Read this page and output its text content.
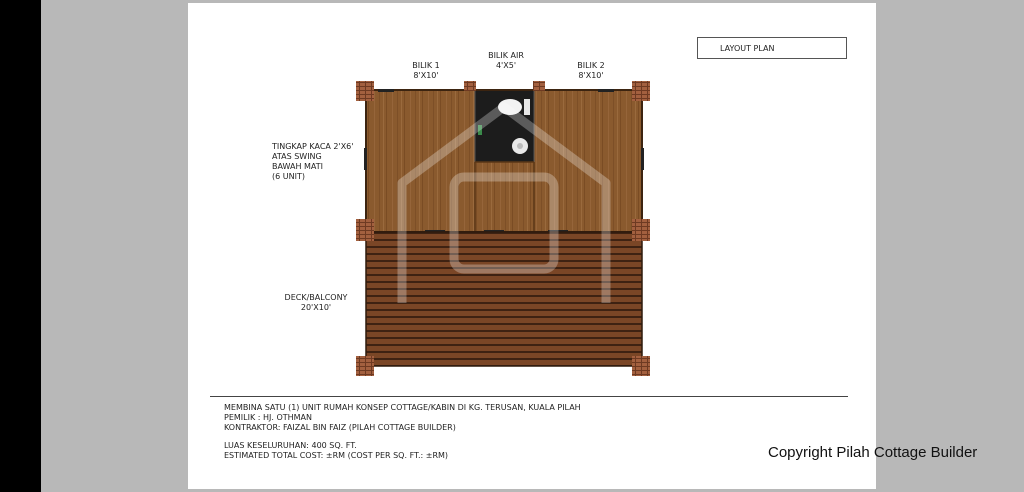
LAYOUT PLAN
BILIK 1
8'X10'
BILIK AIR
4'X5'	BILIK 2
8'X10'
TINGKAP KACA 2'X6'
ATAS SWING
BAWAH MATI
(6 UNIT)
DECK/BALCONY
20'X10'
MEMBINA SATU (1) UNIT RUMAH KONSEP COTTAGE/KABIN DI KG. TERUSAN, KUALA PILAH
PEMILIK : HJ. OTHMAN
KONTRAKTOR: FAIZAL BIN FAIZ (PILAH COTTAGE BUILDER)
LUAS KESELURUHAN: 400 SQ. FT.
ESTIMATED TOTAL COST: ±RM (COST PER SQ. FT.: ±RM)	Copyright Pilah Cottage Builder
